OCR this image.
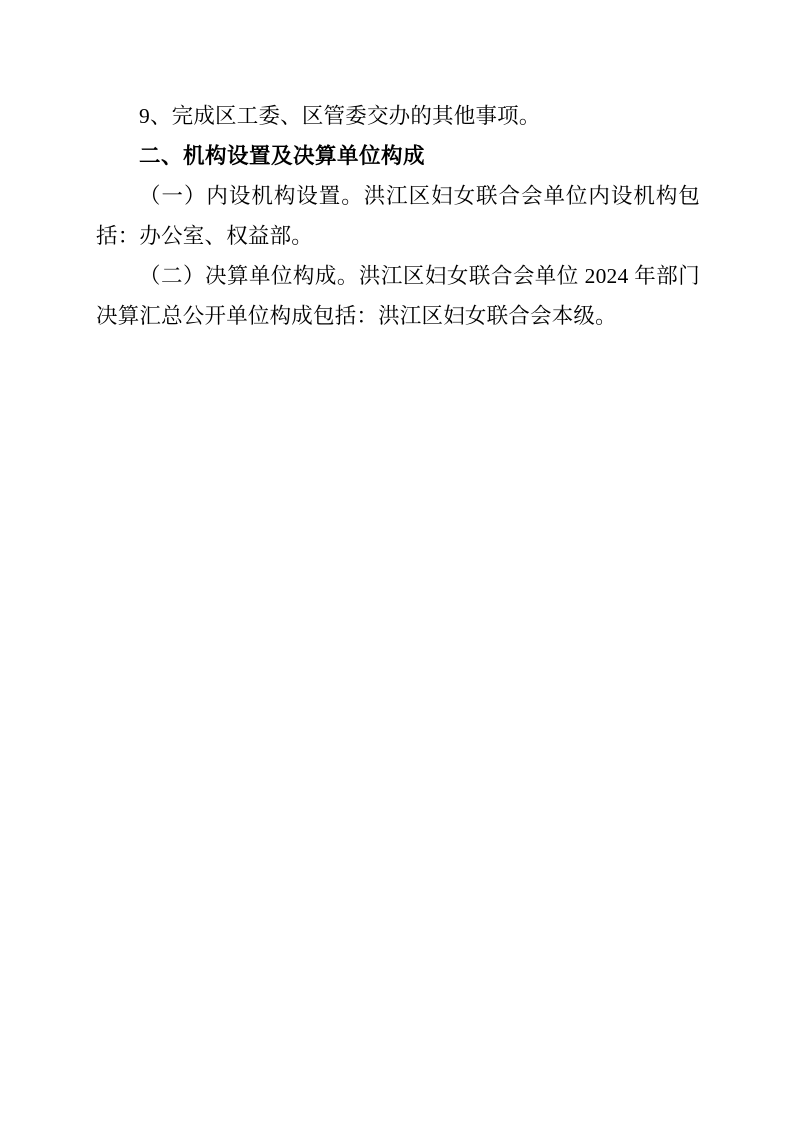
9、完成区工委、区管委交办的其他事项。

二、机构设置及决算单位构成

（一）内设机构设置。洪江区妇女联合会单位内设机构包括：办公室、权益部。

（二）决算单位构成。洪江区妇女联合会单位 2024 年部门决算汇总公开单位构成包括：洪江区妇女联合会本级。
